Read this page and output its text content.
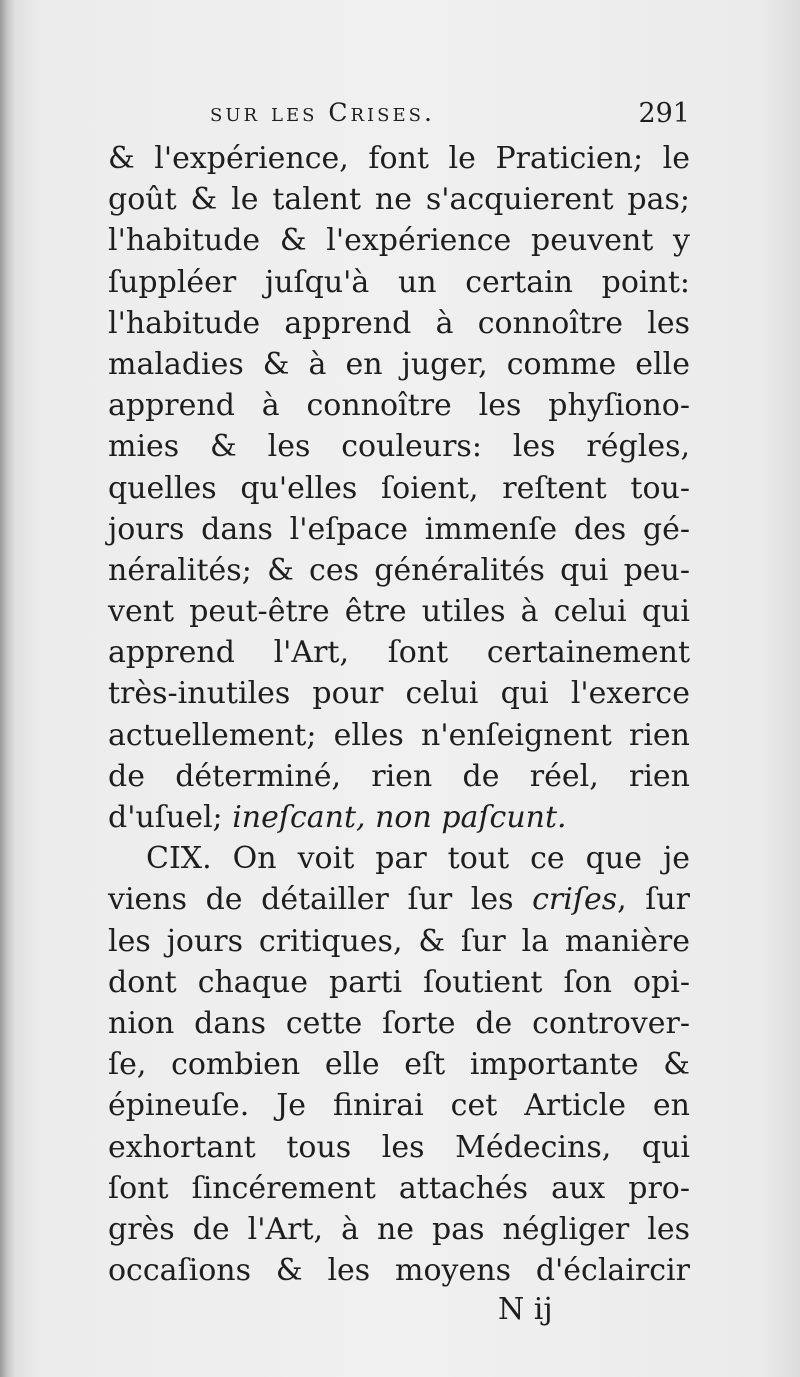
sur les Crises.	291
& l'expérience, font le Praticien; le
goût & le talent ne s'acquierent pas;
l'habitude & l'expérience peuvent y
ſuppléer juſqu'à un certain point:
l'habitude apprend à connoître les
maladies & à en juger, comme elle
apprend à connoître les phyſiono-
mies & les couleurs: les régles,
quelles qu'elles ſoient, reſtent tou-
jours dans l'eſpace immenſe des gé-
néralités; & ces généralités qui peu-
vent peut-être être utiles à celui qui
apprend l'Art, ſont certainement
très-inutiles pour celui qui l'exerce
actuellement; elles n'enſeignent rien
de déterminé, rien de réel, rien
d'uſuel; ineſcant, non paſcunt.
CIX. On voit par tout ce que je
viens de détailler ſur les criſes, ſur
les jours critiques, & ſur la manière
dont chaque parti ſoutient ſon opi-
nion dans cette ſorte de controver-
ſe, combien elle eſt importante &
épineuſe. Je finirai cet Article en
exhortant tous les Médecins, qui
ſont ſincérement attachés aux pro-
grès de l'Art, à ne pas négliger les
occaſions & les moyens d'éclaircir
N ij
